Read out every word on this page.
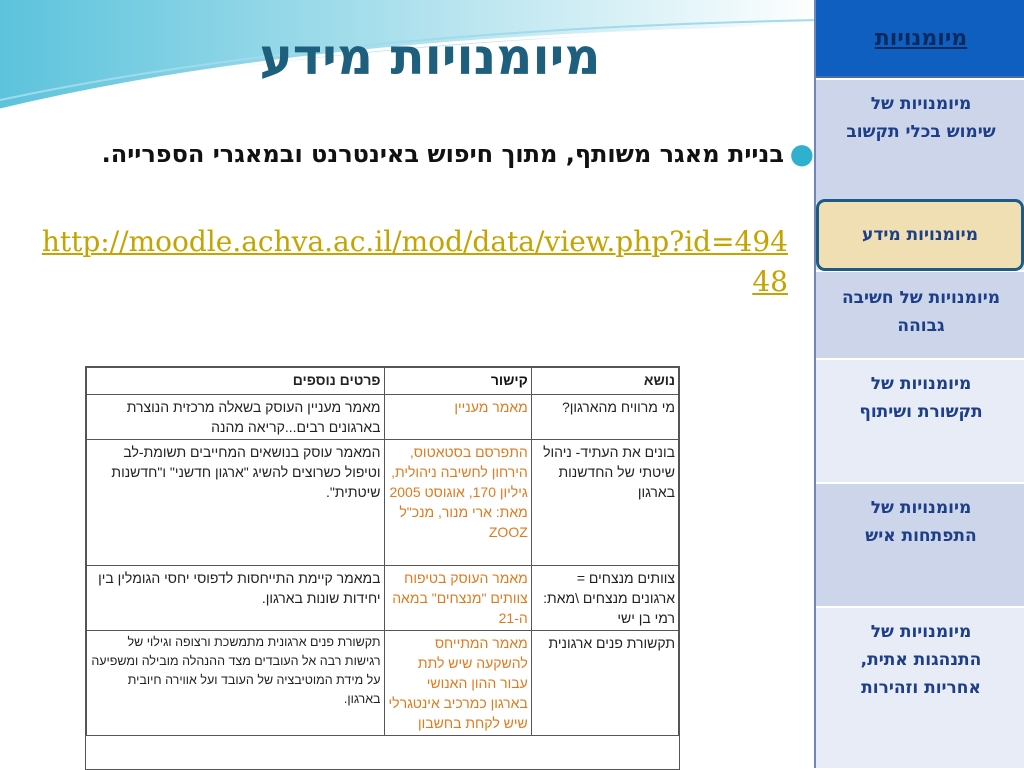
מיומנויות מידע
●
בניית מאגר משותף, מתוך חיפוש באינטרנט ובמאגרי הספרייה.
http://moodle.achva.ac.il/mod/data/view.php?id=49448
מיומנויות
מיומנויות של שימוש בכלי תקשוב
מיומנויות של חשיבה גבוהה
מיומנויות של תקשורת ושיתוף
מיומנויות של התפתחות איש
מיומנויות של התנהגות אתית, אחריות וזהירות
מיומנויות מידע
נושא	קישור	פרטים נוספים
מי מרוויח מהארגון?	מאמר מעניין	מאמר מעניין העוסק בשאלה מרכזית הנוצרת בארגונים רבים...קריאה מהנה
בונים את העתיד- ניהול שיטתי של החדשנות בארגון	התפרסם בסטאטוס, הירחון לחשיבה ניהולית, גיליון 170, אוגוסט 2005 מאת: ארי מנור, מנכ"ל ZOOZ	המאמר עוסק בנושאים המחייבים תשומת-לב וטיפול כשרוצים להשיג "ארגון חדשני" ו"חדשנות שיטתית".
צוותים מנצחים = ארגונים מנצחים \מאת: רמי בן ישי	מאמר העוסק בטיפוח צוותים "מנצחים" במאה ה-21	במאמר קיימת התייחסות לדפוסי יחסי הגומלין בין יחידות שונות בארגון.
תקשורת פנים ארגונית	מאמר המתייחס להשקעה שיש לתת עבור ההון האנושי בארגון כמרכיב אינטגרלי שיש לקחת בחשבון	תקשורת פנים ארגונית מתמשכת ורצופה וגילוי של רגישות רבה אל העובדים מצד ההנהלה מובילה ומשפיעה על מידת המוטיבציה של העובד ועל אווירה חיובית בארגון.
